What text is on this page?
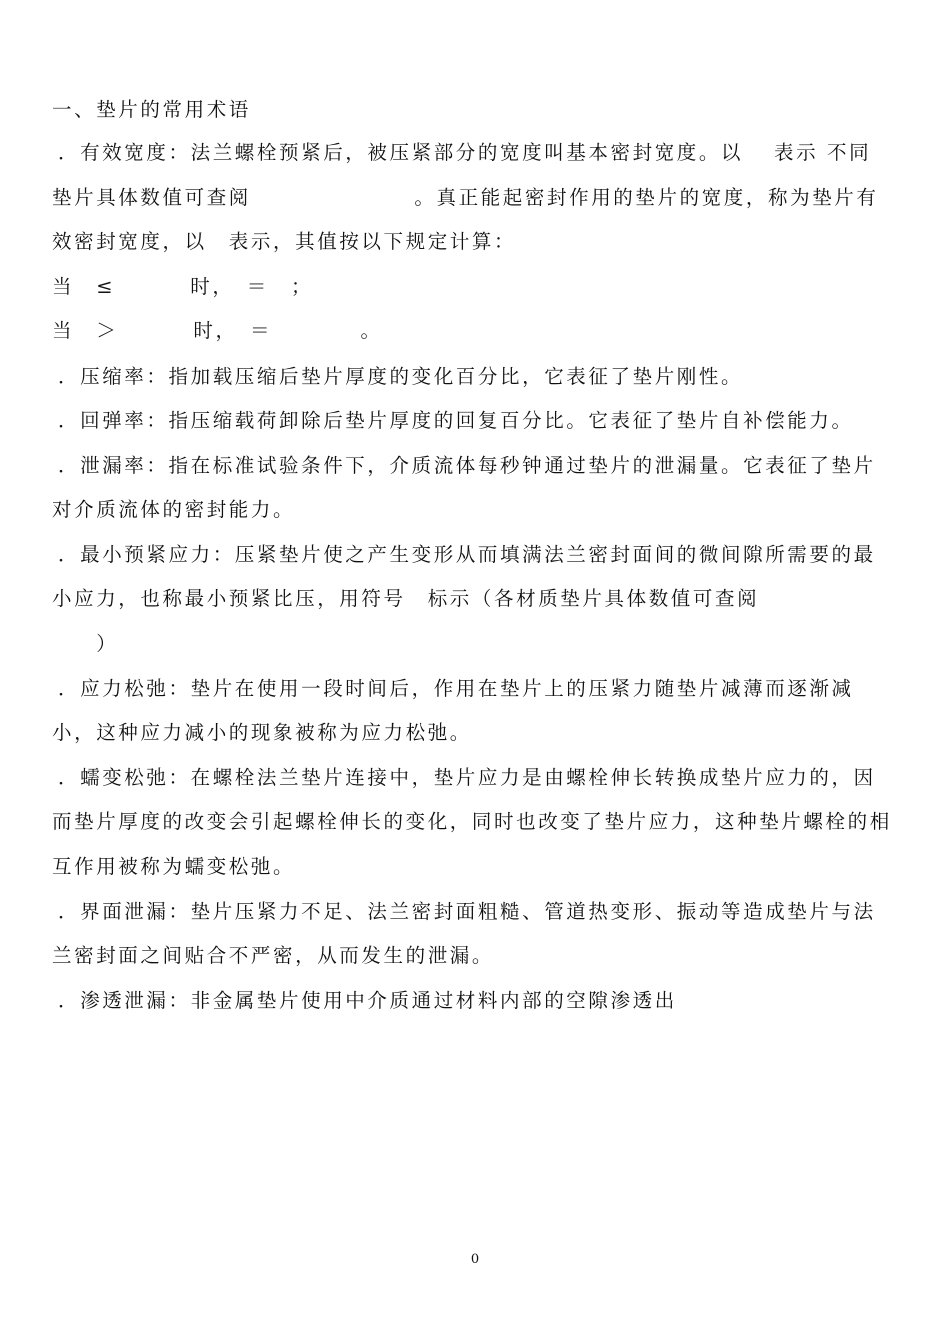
一、垫片的常用术语
．有效宽度：法兰螺栓预紧后，被压紧部分的宽度叫基本密封宽度。以　 表示 不同
垫片具体数值可查阅　　　　　　　 。真正能起密封作用的垫片的宽度，称为垫片有
效密封宽度，以　表示，其值按以下规定计算：
当　≤　　　 时，　＝　；
当　＞　　　 时，　＝　　　　。
．压缩率：指加载压缩后垫片厚度的变化百分比，它表征了垫片刚性。
．回弹率：指压缩载荷卸除后垫片厚度的回复百分比。它表征了垫片自补偿能力。
．泄漏率：指在标准试验条件下，介质流体每秒钟通过垫片的泄漏量。它表征了垫片
对介质流体的密封能力。
．最小预紧应力：压紧垫片使之产生变形从而填满法兰密封面间的微间隙所需要的最
小应力，也称最小预紧比压，用符号　标示（各材质垫片具体数值可查阅
　　）
．应力松弛：垫片在使用一段时间后，作用在垫片上的压紧力随垫片减薄而逐渐减
小，这种应力减小的现象被称为应力松弛。
．蠕变松弛：在螺栓法兰垫片连接中，垫片应力是由螺栓伸长转换成垫片应力的，因
而垫片厚度的改变会引起螺栓伸长的变化，同时也改变了垫片应力，这种垫片螺栓的相
互作用被称为蠕变松弛。
．界面泄漏：垫片压紧力不足、法兰密封面粗糙、管道热变形、振动等造成垫片与法
兰密封面之间贴合不严密，从而发生的泄漏。
．渗透泄漏：非金属垫片使用中介质通过材料内部的空隙渗透出
0
